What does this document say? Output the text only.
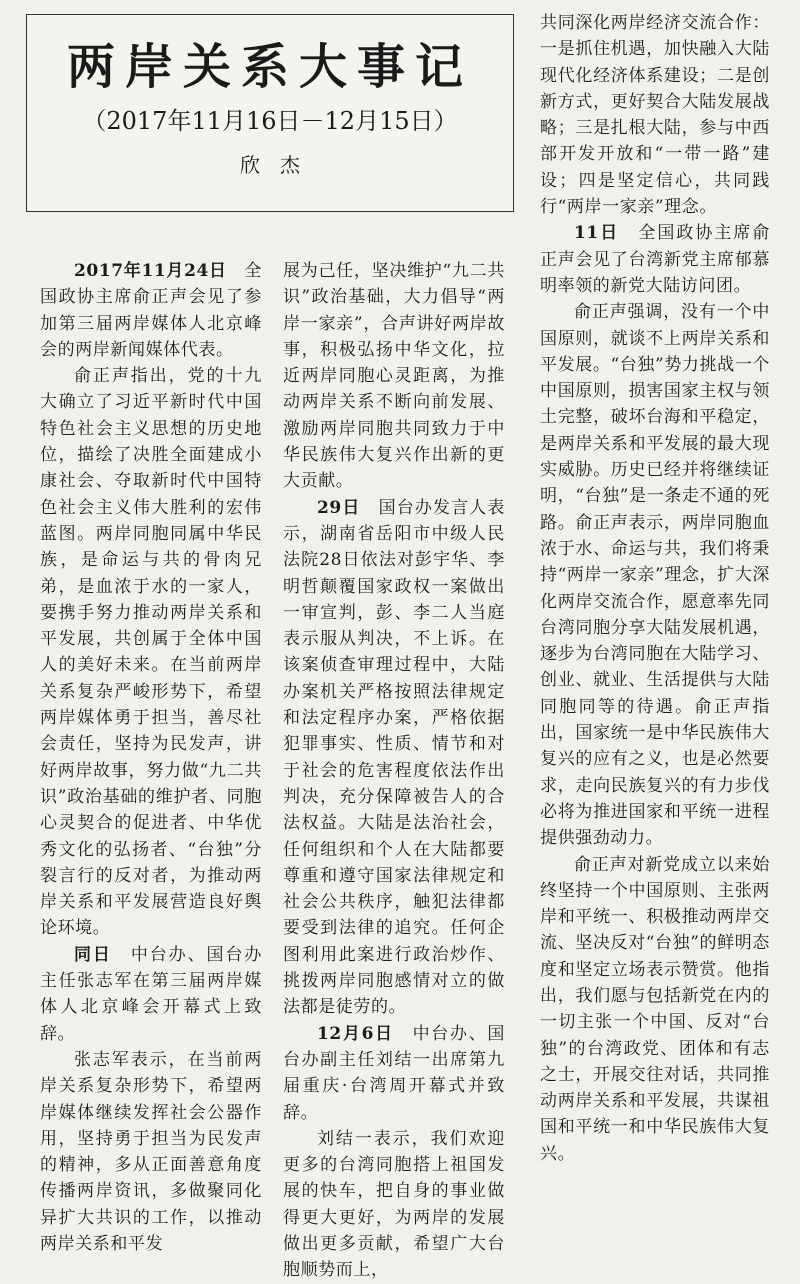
两岸关系大事记
（2017年11月16日－12月15日）
欣杰

2017年11月24日　 全国政协主席俞正声会见了参加第三届两岸媒体人北京峰会的两岸新闻媒体代表。

俞正声指出，党的十九大确立了习近平新时代中国特色社会主义思想的历史地位，描绘了决胜全面建成小康社会、夺取新时代中国特色社会主义伟大胜利的宏伟蓝图。两岸同胞同属中华民族，是命运与共的骨肉兄弟，是血浓于水的一家人，要携手努力推动两岸关系和平发展，共创属于全体中国人的美好未来。在当前两岸关系复杂严峻形势下，希望两岸媒体勇于担当，善尽社会责任，坚持为民发声，讲好两岸故事，努力做“九二共识”政治基础的维护者、同胞心灵契合的促进者、中华优秀文化的弘扬者、“台独”分裂言行的反对者，为推动两岸关系和平发展营造良好舆论环境。

同日　 中台办、国台办主任张志军在第三届两岸媒体人北京峰会开幕式上致辞。

张志军表示，在当前两岸关系复杂形势下，希望两岸媒体继续发挥社会公器作用，坚持勇于担当为民发声的精神，多从正面善意角度传播两岸资讯，多做聚同化异扩大共识的工作，以推动两岸关系和平发

展为己任，坚决维护“九二共识”政治基础，大力倡导“两岸一家亲”，合声讲好两岸故事，积极弘扬中华文化，拉近两岸同胞心灵距离，为推动两岸关系不断向前发展、激励两岸同胞共同致力于中华民族伟大复兴作出新的更大贡献。

29日　 国台办发言人表示，湖南省岳阳市中级人民法院28日依法对彭宇华、李明哲颠覆国家政权一案做出一审宣判，彭、李二人当庭表示服从判决，不上诉。在该案侦查审理过程中，大陆办案机关严格按照法律规定和法定程序办案，严格依据犯罪事实、性质、情节和对于社会的危害程度依法作出判决，充分保障被告人的合法权益。大陆是法治社会，任何组织和个人在大陆都要尊重和遵守国家法律规定和社会公共秩序，触犯法律都要受到法律的追究。任何企图利用此案进行政治炒作、挑拨两岸同胞感情对立的做法都是徒劳的。

12月6日　 中台办、国台办副主任刘结一出席第九届重庆·台湾周开幕式并致辞。

刘结一表示，我们欢迎更多的台湾同胞搭上祖国发展的快车，把自身的事业做得更大更好，为两岸的发展做出更多贡献，希望广大台胞顺势而上，

共同深化两岸经济交流合作：一是抓住机遇，加快融入大陆现代化经济体系建设；二是创新方式，更好契合大陆发展战略；三是扎根大陆，参与中西部开发开放和“一带一路”建设；四是坚定信心，共同践行“两岸一家亲”理念。

11日　 全国政协主席俞正声会见了台湾新党主席郁慕明率领的新党大陆访问团。

俞正声强调，没有一个中国原则，就谈不上两岸关系和平发展。“台独”势力挑战一个中国原则，损害国家主权与领土完整，破坏台海和平稳定，是两岸关系和平发展的最大现实威胁。历史已经并将继续证明，“台独”是一条走不通的死路。俞正声表示，两岸同胞血浓于水、命运与共，我们将秉持“两岸一家亲”理念，扩大深化两岸交流合作，愿意率先同台湾同胞分享大陆发展机遇，逐步为台湾同胞在大陆学习、创业、就业、生活提供与大陆同胞同等的待遇。俞正声指出，国家统一是中华民族伟大复兴的应有之义，也是必然要求，走向民族复兴的有力步伐必将为推进国家和平统一进程提供强劲动力。

俞正声对新党成立以来始终坚持一个中国原则、主张两岸和平统一、积极推动两岸交流、坚决反对“台独”的鲜明态度和坚定立场表示赞赏。他指出，我们愿与包括新党在内的一切主张一个中国、反对“台独”的台湾政党、团体和有志之士，开展交往对话，共同推动两岸关系和平发展，共谋祖国和平统一和中华民族伟大复兴。
